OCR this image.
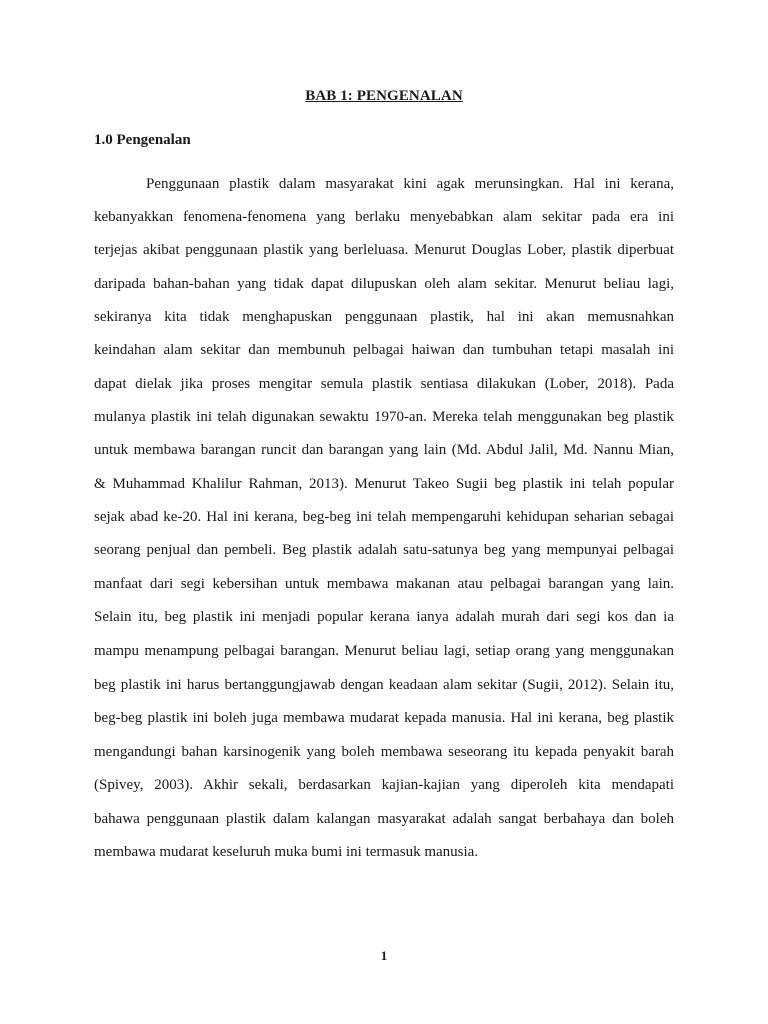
BAB 1: PENGENALAN
1.0 Pengenalan
Penggunaan plastik dalam masyarakat kini agak merunsingkan. Hal ini kerana,
kebanyakkan fenomena-fenomena yang berlaku menyebabkan alam sekitar pada era ini
terjejas akibat penggunaan plastik yang berleluasa. Menurut Douglas Lober, plastik diperbuat
daripada bahan-bahan yang tidak dapat dilupuskan oleh alam sekitar. Menurut beliau lagi,
sekiranya kita tidak menghapuskan penggunaan plastik, hal ini akan memusnahkan
keindahan alam sekitar dan membunuh pelbagai haiwan dan tumbuhan tetapi masalah ini
dapat dielak jika proses mengitar semula plastik sentiasa dilakukan (Lober, 2018). Pada
mulanya plastik ini telah digunakan sewaktu 1970-an. Mereka telah menggunakan beg plastik
untuk membawa barangan runcit dan barangan yang lain (Md. Abdul Jalil, Md. Nannu Mian,
& Muhammad Khalilur Rahman, 2013). Menurut Takeo Sugii beg plastik ini telah popular
sejak abad ke-20. Hal ini kerana, beg-beg ini telah mempengaruhi kehidupan seharian sebagai
seorang penjual dan pembeli. Beg plastik adalah satu-satunya beg yang mempunyai pelbagai
manfaat dari segi kebersihan untuk membawa makanan atau pelbagai barangan yang lain.
Selain itu, beg plastik ini menjadi popular kerana ianya adalah murah dari segi kos dan ia
mampu menampung pelbagai barangan. Menurut beliau lagi, setiap orang yang menggunakan
beg plastik ini harus bertanggungjawab dengan keadaan alam sekitar (Sugii, 2012). Selain itu,
beg-beg plastik ini boleh juga membawa mudarat kepada manusia. Hal ini kerana, beg plastik
mengandungi bahan karsinogenik yang boleh membawa seseorang itu kepada penyakit barah
(Spivey, 2003). Akhir sekali, berdasarkan kajian-kajian yang diperoleh kita mendapati
bahawa penggunaan plastik dalam kalangan masyarakat adalah sangat berbahaya dan boleh
membawa mudarat keseluruh muka bumi ini termasuk manusia.
1
